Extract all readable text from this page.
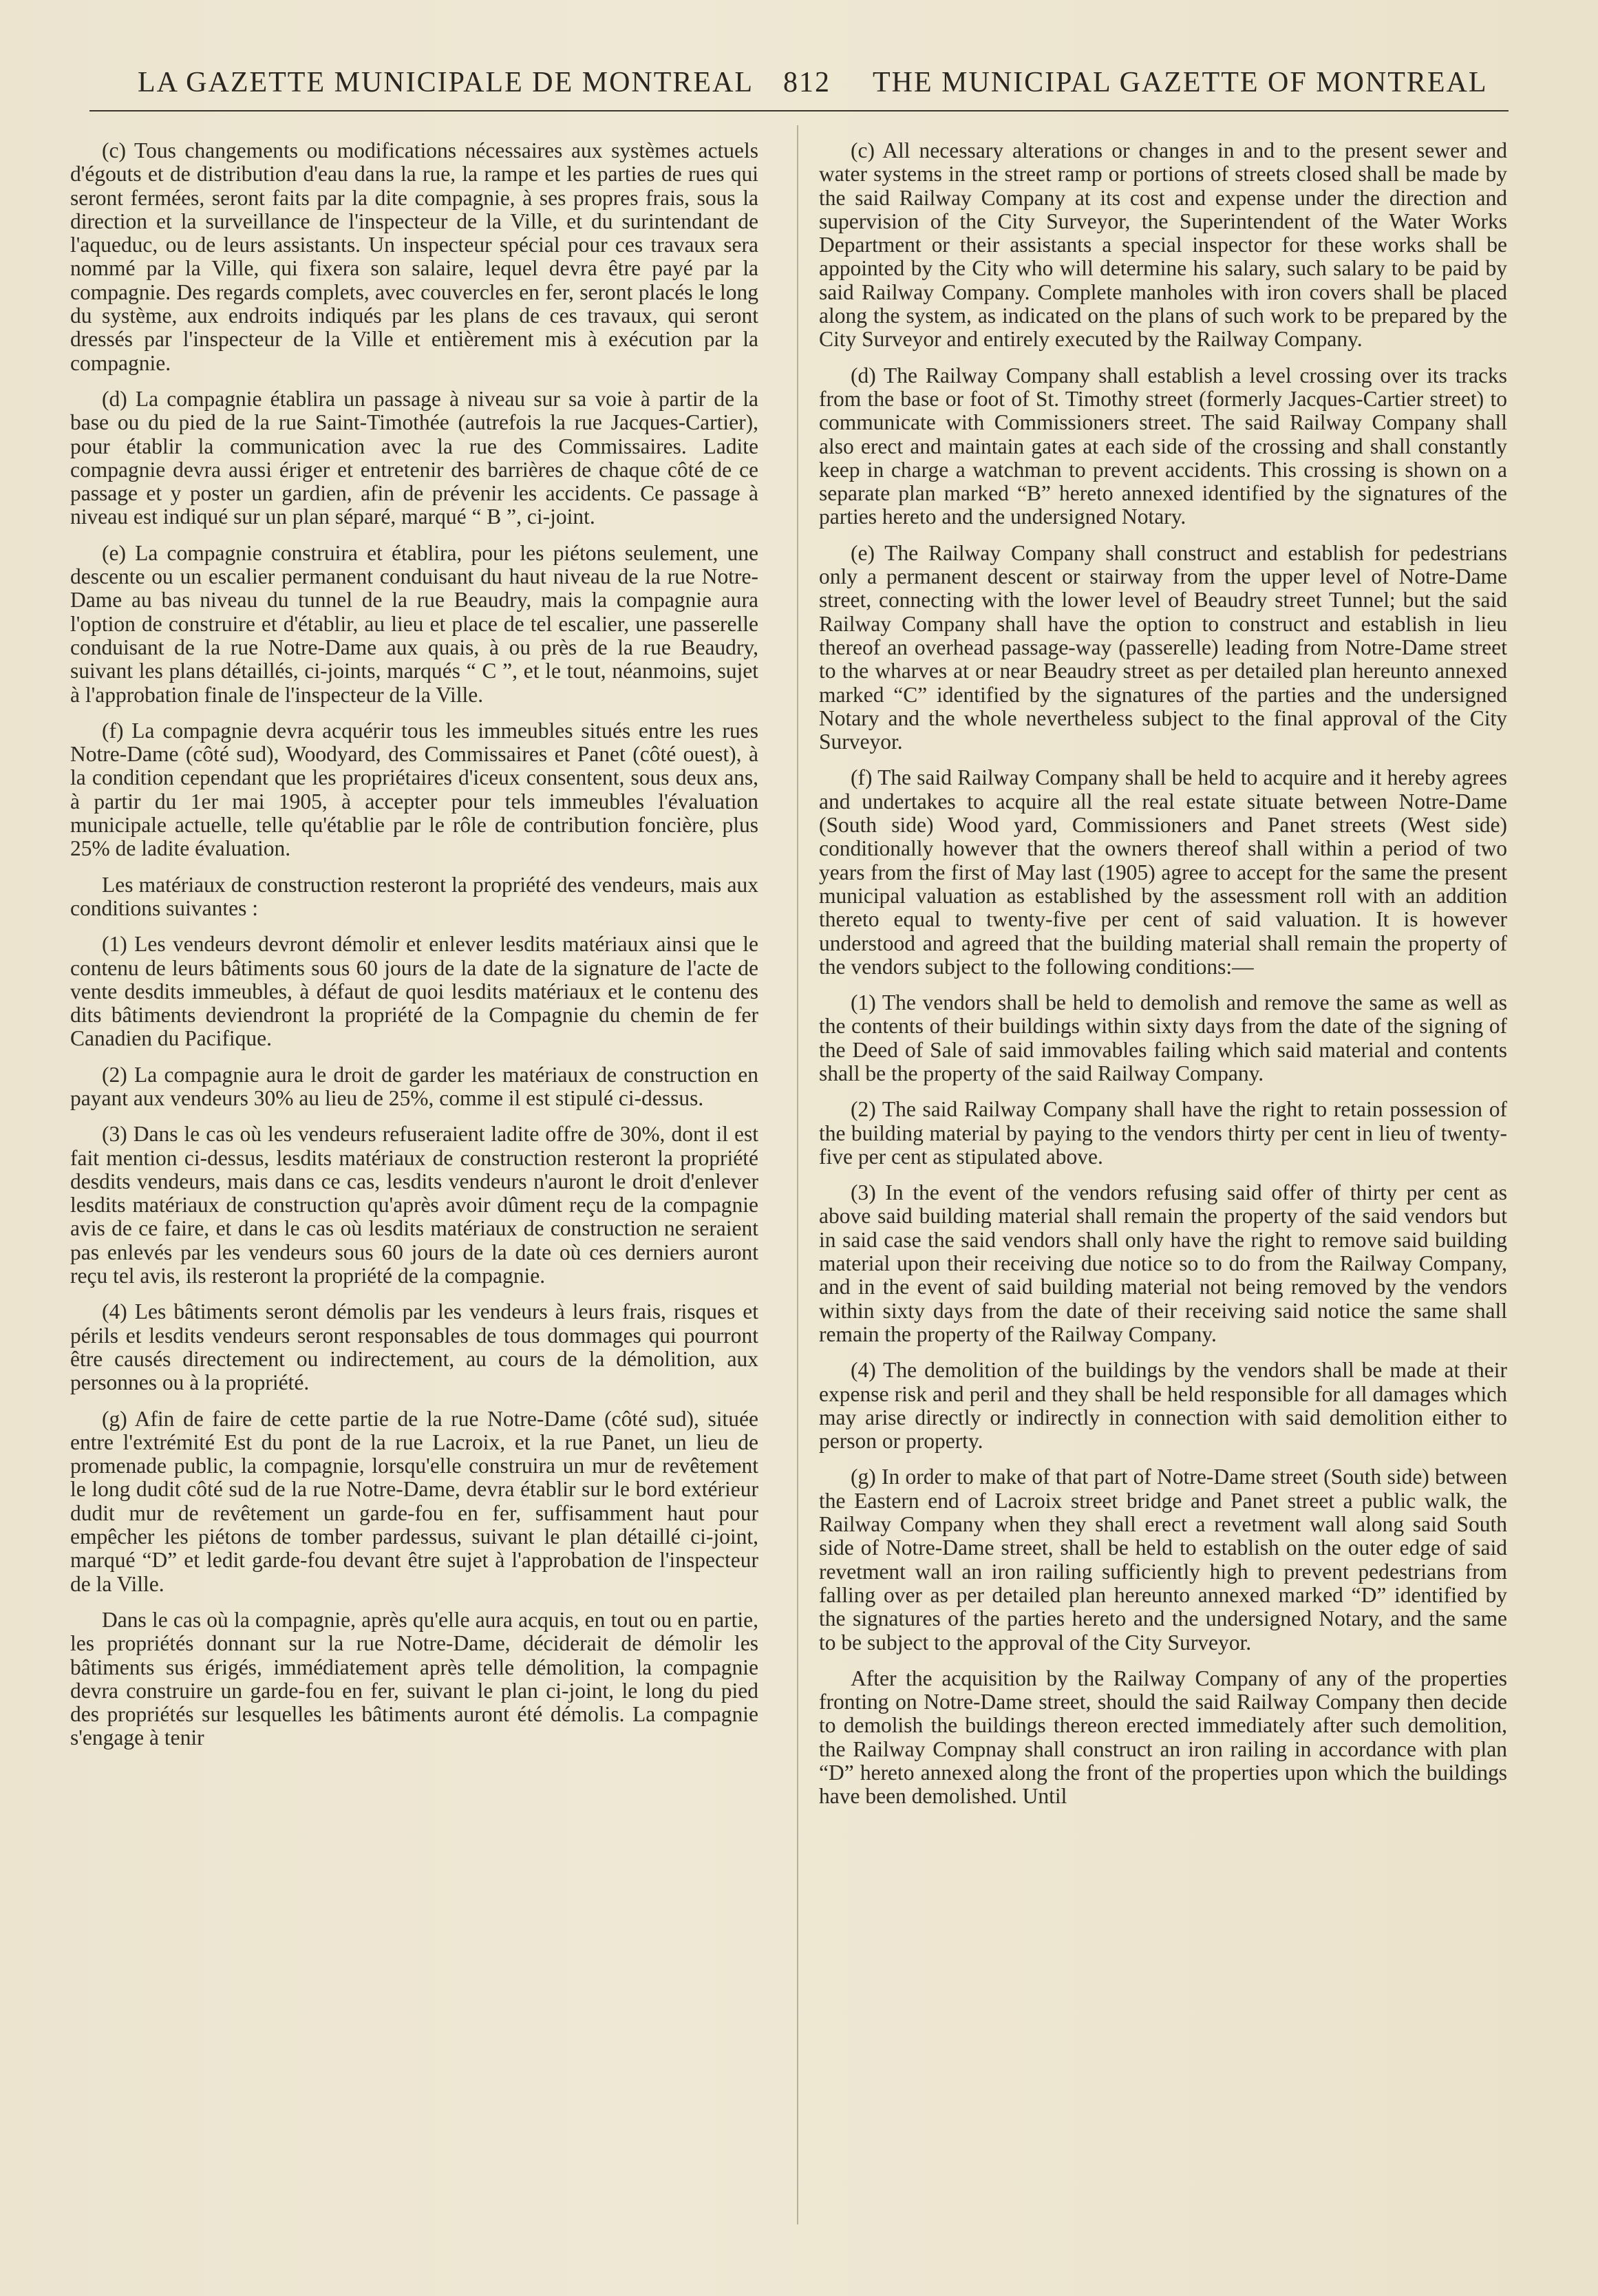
LA GAZETTE MUNICIPALE DE MONTREAL 812 THE MUNICIPAL GAZETTE OF MONTREAL

(c) Tous changements ou modifications nécessaires aux systèmes actuels d'égouts et de distribution d'eau dans la rue, la rampe et les parties de rues qui seront fermées, seront faits par la dite compagnie, à ses propres frais, sous la direction et la surveillance de l'inspecteur de la Ville, et du surintendant de l'aqueduc, ou de leurs assistants. Un inspecteur spécial pour ces travaux sera nommé par la Ville, qui fixera son salaire, lequel devra être payé par la compagnie. Des regards complets, avec couvercles en fer, seront placés le long du système, aux endroits indiqués par les plans de ces travaux, qui seront dressés par l'inspecteur de la Ville et entièrement mis à exécution par la compagnie.

(d) La compagnie établira un passage à niveau sur sa voie à partir de la base ou du pied de la rue Saint-Timothée (autrefois la rue Jacques-Cartier), pour établir la communication avec la rue des Commissaires. Ladite compagnie devra aussi ériger et entretenir des barrières de chaque côté de ce passage et y poster un gardien, afin de prévenir les accidents. Ce passage à niveau est indiqué sur un plan séparé, marqué “ B ”, ci-joint.

(e) La compagnie construira et établira, pour les piétons seulement, une descente ou un escalier permanent conduisant du haut niveau de la rue Notre-Dame au bas niveau du tunnel de la rue Beaudry, mais la compagnie aura l'option de construire et d'établir, au lieu et place de tel escalier, une passerelle conduisant de la rue Notre-Dame aux quais, à ou près de la rue Beaudry, suivant les plans détaillés, ci-joints, marqués “ C ”, et le tout, néanmoins, sujet à l'approbation finale de l'inspecteur de la Ville.

(f) La compagnie devra acquérir tous les immeubles situés entre les rues Notre-Dame (côté sud), Woodyard, des Commissaires et Panet (côté ouest), à la condition cependant que les propriétaires d'iceux consentent, sous deux ans, à partir du 1er mai 1905, à accepter pour tels immeubles l'évaluation municipale actuelle, telle qu'établie par le rôle de contribution foncière, plus 25% de ladite évaluation.

Les matériaux de construction resteront la propriété des vendeurs, mais aux conditions suivantes :

(1) Les vendeurs devront démolir et enlever lesdits matériaux ainsi que le contenu de leurs bâtiments sous 60 jours de la date de la signature de l'acte de vente desdits immeubles, à défaut de quoi lesdits matériaux et le contenu des dits bâtiments deviendront la propriété de la Compagnie du chemin de fer Canadien du Pacifique.

(2) La compagnie aura le droit de garder les matériaux de construction en payant aux vendeurs 30% au lieu de 25%, comme il est stipulé ci-dessus.

(3) Dans le cas où les vendeurs refuseraient ladite offre de 30%, dont il est fait mention ci-dessus, lesdits matériaux de construction resteront la propriété desdits vendeurs, mais dans ce cas, lesdits vendeurs n'auront le droit d'enlever lesdits matériaux de construction qu'après avoir dûment reçu de la compagnie avis de ce faire, et dans le cas où lesdits matériaux de construction ne seraient pas enlevés par les vendeurs sous 60 jours de la date où ces derniers auront reçu tel avis, ils resteront la propriété de la compagnie.

(4) Les bâtiments seront démolis par les vendeurs à leurs frais, risques et périls et lesdits vendeurs seront responsables de tous dommages qui pourront être causés directement ou indirectement, au cours de la démolition, aux personnes ou à la propriété.

(g) Afin de faire de cette partie de la rue Notre-Dame (côté sud), située entre l'extrémité Est du pont de la rue Lacroix, et la rue Panet, un lieu de promenade public, la compagnie, lorsqu'elle construira un mur de revêtement le long dudit côté sud de la rue Notre-Dame, devra établir sur le bord extérieur dudit mur de revêtement un garde-fou en fer, suffisamment haut pour empêcher les piétons de tomber pardessus, suivant le plan détaillé ci-joint, marqué “D” et ledit garde-fou devant être sujet à l'approbation de l'inspecteur de la Ville.

Dans le cas où la compagnie, après qu'elle aura acquis, en tout ou en partie, les propriétés donnant sur la rue Notre-Dame, déciderait de démolir les bâtiments sus érigés, immédiatement après telle démolition, la compagnie devra construire un garde-fou en fer, suivant le plan ci-joint, le long du pied des propriétés sur lesquelles les bâtiments auront été démolis. La compagnie s'engage à tenir

(c) All necessary alterations or changes in and to the present sewer and water systems in the street ramp or portions of streets closed shall be made by the said Railway Company at its cost and expense under the direction and supervision of the City Surveyor, the Superintendent of the Water Works Department or their assistants a special inspector for these works shall be appointed by the City who will determine his salary, such salary to be paid by said Railway Company. Complete manholes with iron covers shall be placed along the system, as indicated on the plans of such work to be prepared by the City Surveyor and entirely executed by the Railway Company.

(d) The Railway Company shall establish a level crossing over its tracks from the base or foot of St. Timothy street (formerly Jacques-Cartier street) to communicate with Commissioners street. The said Railway Company shall also erect and maintain gates at each side of the crossing and shall constantly keep in charge a watchman to prevent accidents. This crossing is shown on a separate plan marked “B” hereto annexed identified by the signatures of the parties hereto and the undersigned Notary.

(e) The Railway Company shall construct and establish for pedestrians only a permanent descent or stairway from the upper level of Notre-Dame street, connecting with the lower level of Beaudry street Tunnel; but the said Railway Company shall have the option to construct and establish in lieu thereof an overhead passage-way (passerelle) leading from Notre-Dame street to the wharves at or near Beaudry street as per detailed plan hereunto annexed marked “C” identified by the signatures of the parties and the undersigned Notary and the whole nevertheless subject to the final approval of the City Surveyor.

(f) The said Railway Company shall be held to acquire and it hereby agrees and undertakes to acquire all the real estate situate between Notre-Dame (South side) Wood yard, Commissioners and Panet streets (West side) conditionally however that the owners thereof shall within a period of two years from the first of May last (1905) agree to accept for the same the present municipal valuation as established by the assessment roll with an addition thereto equal to twenty-five per cent of said valuation. It is however understood and agreed that the building material shall remain the property of the vendors subject to the following conditions:—

(1) The vendors shall be held to demolish and remove the same as well as the contents of their buildings within sixty days from the date of the signing of the Deed of Sale of said immovables failing which said material and contents shall be the property of the said Railway Company.

(2) The said Railway Company shall have the right to retain possession of the building material by paying to the vendors thirty per cent in lieu of twenty-five per cent as stipulated above.

(3) In the event of the vendors refusing said offer of thirty per cent as above said building material shall remain the property of the said vendors but in said case the said vendors shall only have the right to remove said building material upon their receiving due notice so to do from the Railway Company, and in the event of said building material not being removed by the vendors within sixty days from the date of their receiving said notice the same shall remain the property of the Railway Company.

(4) The demolition of the buildings by the vendors shall be made at their expense risk and peril and they shall be held responsible for all damages which may arise directly or indirectly in connection with said demolition either to person or property.

(g) In order to make of that part of Notre-Dame street (South side) between the Eastern end of Lacroix street bridge and Panet street a public walk, the Railway Company when they shall erect a revetment wall along said South side of Notre-Dame street, shall be held to establish on the outer edge of said revetment wall an iron railing sufficiently high to prevent pedestrians from falling over as per detailed plan hereunto annexed marked “D” identified by the signatures of the parties hereto and the undersigned Notary, and the same to be subject to the approval of the City Surveyor.

After the acquisition by the Railway Company of any of the properties fronting on Notre-Dame street, should the said Railway Company then decide to demolish the buildings thereon erected immediately after such demolition, the Railway Compnay shall construct an iron railing in accordance with plan “D” hereto annexed along the front of the properties upon which the buildings have been demolished. Until
